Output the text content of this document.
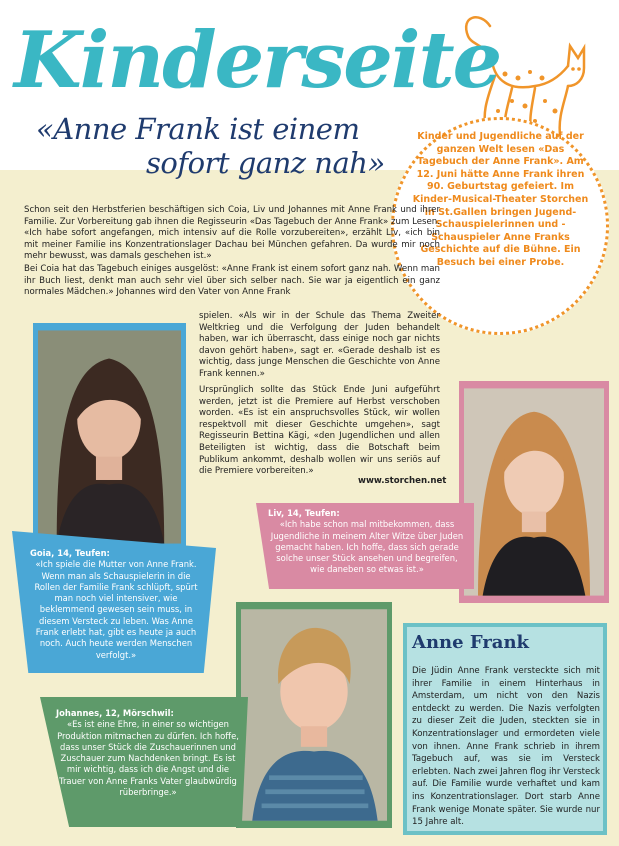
Kinderseite
«Anne Frank ist einem
sofort ganz nah»
Kinder und Jugendliche auf der ganzen Welt lesen «Das Tagebuch der Anne Frank». Am 12. Juni hätte Anne Frank ihren 90. Geburtstag gefeiert. Im Kinder-Musical-Theater Storchen in St.Gallen bringen Jugend-Schauspielerinnen und -Schauspieler Anne Franks Geschichte auf die Bühne. Ein Besuch bei einer Probe.
Schon seit den Herbstferien beschäftigen sich Coia, Liv und Johannes mit Anne Frank und ihrer Familie. Zur Vorbereitung gab ihnen die Regisseurin «Das Tagebuch der Anne Frank» zum Lesen. «Ich habe sofort angefangen, mich intensiv auf die Rolle vorzubereiten», erzählt Liv, «ich bin mit meiner Familie ins Konzentrationslager Dachau bei München gefahren. Da wurde mir noch mehr bewusst, was damals geschehen ist.»
Bei Coia hat das Tagebuch einiges ausgelöst: «Anne Frank ist einem sofort ganz nah. Wenn man ihr Buch liest, denkt man auch sehr viel über sich selber nach. Sie war ja eigentlich ein ganz normales Mädchen.» Johannes wird den Vater von Anne Frank
spielen. «Als wir in der Schule das Thema Zweiter Weltkrieg und die Verfolgung der Juden behandelt haben, war ich überrascht, dass einige noch gar nichts davon gehört haben», sagt er. «Gerade deshalb ist es wichtig, dass junge Menschen die Geschichte von Anne Frank kennen.»
Ursprünglich sollte das Stück Ende Juni aufgeführt werden, jetzt ist die Premiere auf Herbst verschoben worden. «Es ist ein anspruchsvolles Stück, wir wollen respektvoll mit dieser Geschichte umgehen», sagt Regisseurin Bettina Kägi, «den Jugendlichen und allen Beteiligten ist wichtig, dass die Botschaft beim Publikum ankommt, deshalb wollen wir uns seriös auf die Premiere vorbereiten.»
www.storchen.net
Goia, 14, Teufen:
«Ich spiele die Mutter von Anne Frank. Wenn man als Schauspielerin in die Rollen der Familie Frank schlüpft, spürt man noch viel intensiver, wie beklemmend gewesen sein muss, in diesem Versteck zu leben. Was Anne Frank erlebt hat, gibt es heute ja auch noch. Auch heute werden Menschen verfolgt.»
Liv, 14, Teufen:
«Ich habe schon mal mitbekommen, dass Jugendliche in meinem Alter Witze über Juden gemacht haben. Ich hoffe, dass sich gerade solche unser Stück ansehen und begreifen, wie daneben so etwas ist.»
Johannes, 12, Mörschwil:
«Es ist eine Ehre, in einer so wichtigen Produktion mitmachen zu dürfen. Ich hoffe, dass unser Stück die Zuschauerinnen und Zuschauer zum Nachdenken bringt. Es ist mir wichtig, dass ich die Angst und die Trauer von Anne Franks Vater glaubwürdig rüberbringe.»
Anne Frank
Die Jüdin Anne Frank versteckte sich mit ihrer Familie in einem Hinterhaus in Amsterdam, um nicht von den Nazis entdeckt zu werden. Die Nazis verfolgten zu dieser Zeit die Juden, steckten sie in Konzentrationslager und ermordeten viele von ihnen. Anne Frank schrieb in ihrem Tagebuch auf, was sie im Versteck erlebten. Nach zwei Jahren flog ihr Versteck auf. Die Familie wurde verhaftet und kam ins Konzentrationslager. Dort starb Anne Frank wenige Monate später. Sie wurde nur 15 Jahre alt.
